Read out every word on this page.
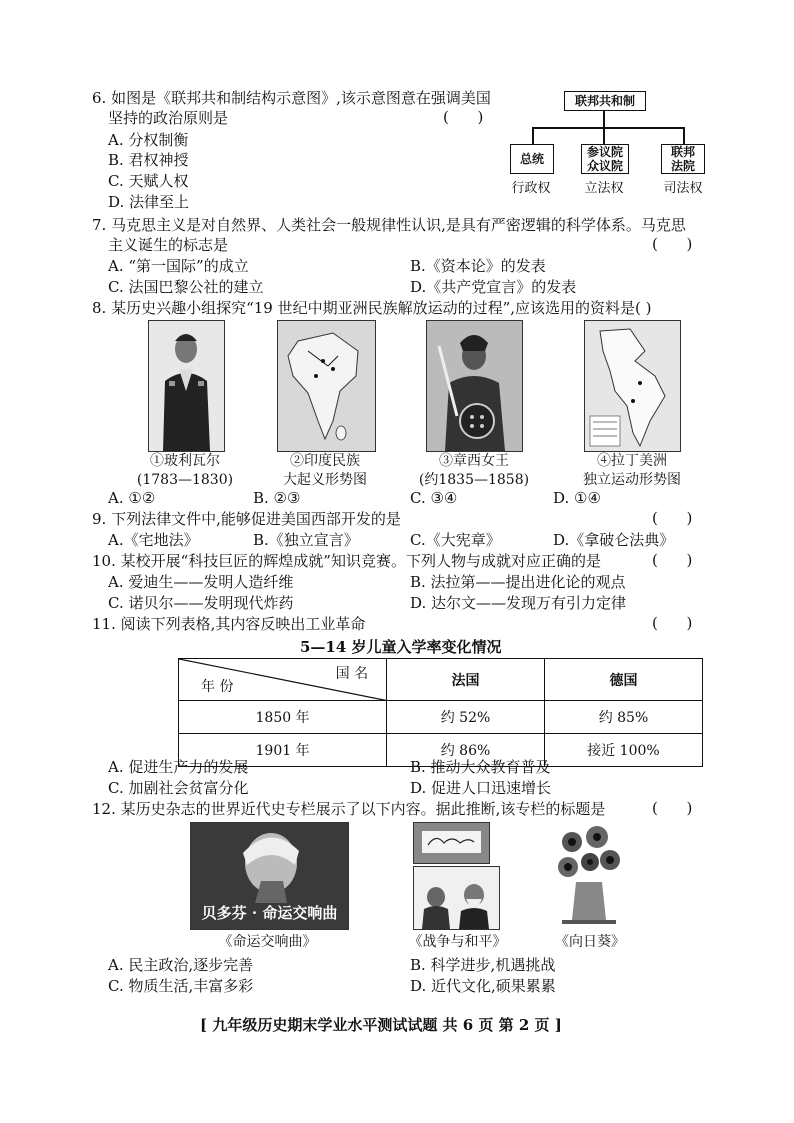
6. 如图是《联邦共和制结构示意图》,该示意图意在强调美国
坚持的政治原则是	(      )
A. 分权制衡
B. 君权神授
C. 天赋人权
D. 法律至上
联邦共和制
总统	参议院
众议院
联邦
法院
行政权	立法权	司法权
7. 马克思主义是对自然界、人类社会一般规律性认识,是具有严密逻辑的科学体系。马克思
主义诞生的标志是	(      )
A. “第一国际”的成立	B.《资本论》的发表
C. 法国巴黎公社的建立	D.《共产党宣言》的发表
8. 某历史兴趣小组探究“19 世纪中期亚洲民族解放运动的过程”,应该选用的资料是( )
①玻利瓦尔
(1783—1830)
②印度民族
大起义形势图
③章西女王
(约1835—1858)
④拉丁美洲
独立运动形势图
A. ①②	B. ②③	C. ③④	D. ①④
9. 下列法律文件中,能够促进美国西部开发的是	(      )
A.《宅地法》	B.《独立宣言》	C.《大宪章》	D.《拿破仑法典》
10. 某校开展“科技巨匠的辉煌成就”知识竞赛。下列人物与成就对应正确的是	(      )
A. 爱迪生——发明人造纤维	B. 法拉第——提出进化论的观点
C. 诺贝尔——发明现代炸药	D. 达尔文——发现万有引力定律
11. 阅读下列表格,其内容反映出工业革命	(      )
5—14 岁儿童入学率变化情况
国 名
年 份	法国	德国
1850 年	约 52%	约 85%
1901 年	约 86%	接近 100%
A. 促进生产力的发展	B. 推动大众教育普及
C. 加剧社会贫富分化	D. 促进人口迅速增长
12. 某历史杂志的世界近代史专栏展示了以下内容。据此推断,该专栏的标题是	(      )
贝多芬 · 命运交响曲
《命运交响曲》	《战争与和平》	《向日葵》
A. 民主政治,逐步完善	B. 科学进步,机遇挑战
C. 物质生活,丰富多彩	D. 近代文化,硕果累累
[ 九年级历史期末学业水平测试试题 共 6 页 第 2 页 ]
